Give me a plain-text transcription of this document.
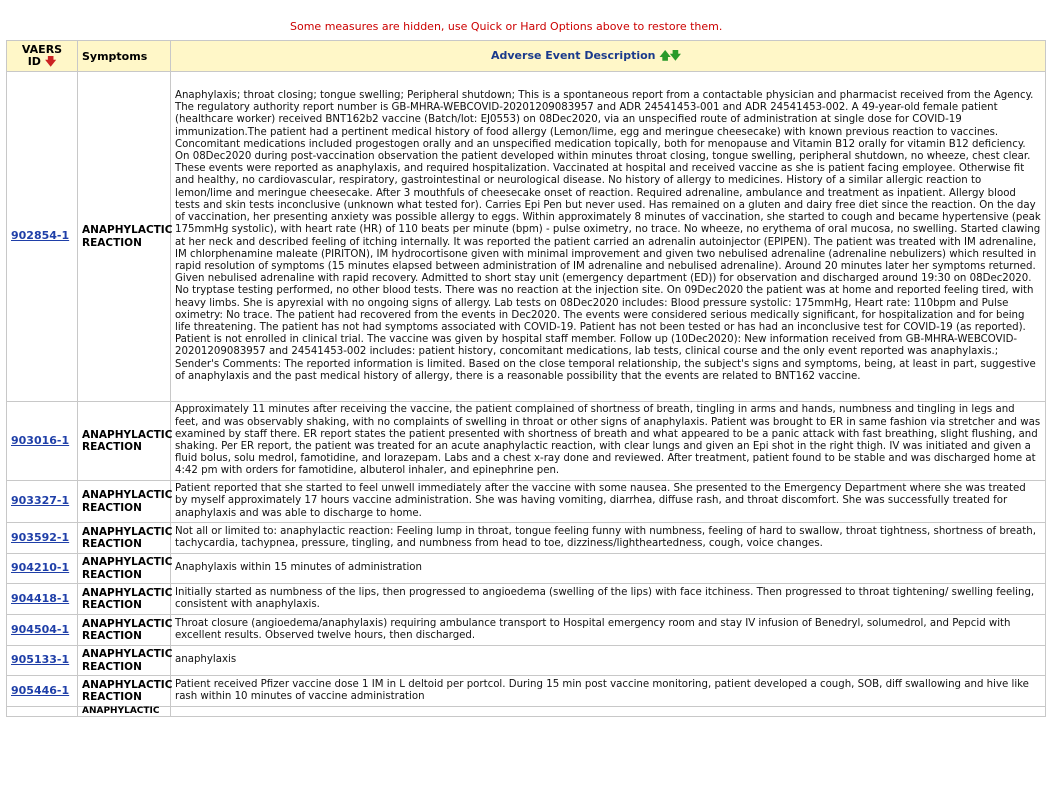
Some measures are hidden, use Quick or Hard Options above to restore them.
VAERS ID 🡇	Symptoms	Adverse Event Description 🡅🡇
902854-1	ANAPHYLACTIC REACTION	Anaphylaxis; throat closing; tongue swelling; Peripheral shutdown; This is a spontaneous report from a contactable physician and pharmacist received from the Agency. The regulatory authority report number is GB-MHRA-WEBCOVID-20201209083957 and ADR 24541453-001 and ADR 24541453-002. A 49-year-old female patient (healthcare worker) received BNT162b2 vaccine (Batch/lot: EJ0553) on 08Dec2020, via an unspecified route of administration at single dose for COVID-19 immunization.The patient had a pertinent medical history of food allergy (Lemon/lime, egg and meringue cheesecake) with known previous reaction to vaccines. Concomitant medications included progestogen orally and an unspecified medication topically, both for menopause and Vitamin B12 orally for vitamin B12 deficiency. On 08Dec2020 during post-vaccination observation the patient developed within minutes throat closing, tongue swelling, peripheral shutdown, no wheeze, chest clear. These events were reported as anaphylaxis, and required hospitalization. Vaccinated at hospital and received vaccine as she is patient facing employee. Otherwise fit and healthy, no cardiovascular, respiratory, gastrointestinal or neurological disease. No history of allergy to medicines. History of a similar allergic reaction to lemon/lime and meringue cheesecake. After 3 mouthfuls of cheesecake onset of reaction. Required adrenaline, ambulance and treatment as inpatient. Allergy blood tests and skin tests inconclusive (unknown what tested for). Carries Epi Pen but never used. Has remained on a gluten and dairy free diet since the reaction. On the day of vaccination, her presenting anxiety was possible allergy to eggs. Within approximately 8 minutes of vaccination, she started to cough and became hypertensive (peak 175mmHg systolic), with heart rate (HR) of 110 beats per minute (bpm) - pulse oximetry, no trace. No wheeze, no erythema of oral mucosa, no swelling. Started clawing at her neck and described feeling of itching internally. It was reported the patient carried an adrenalin autoinjector (EPIPEN). The patient was treated with IM adrenaline, IM chlorphenamine maleate (PIRITON), IM hydrocortisone given with minimal improvement and given two nebulised adrenaline (adrenaline nebulizers) which resulted in rapid resolution of symptoms (15 minutes elapsed between administration of IM adrenaline and nebulised adrenaline). Around 20 minutes later her symptoms returned. Given nebulised adrenaline with rapid recovery. Admitted to short stay unit (emergency department (ED)) for observation and discharged around 19:30 on 08Dec2020. No tryptase testing performed, no other blood tests. There was no reaction at the injection site. On 09Dec2020 the patient was at home and reported feeling tired, with heavy limbs. She is apyrexial with no ongoing signs of allergy. Lab tests on 08Dec2020 includes: Blood pressure systolic: 175mmHg, Heart rate: 110bpm and Pulse oximetry: No trace. The patient had recovered from the events in Dec2020. The events were considered serious medically significant, for hospitalization and for being life threatening. The patient has not had symptoms associated with COVID-19. Patient has not been tested or has had an inconclusive test for COVID-19 (as reported). Patient is not enrolled in clinical trial. The vaccine was given by hospital staff member. Follow up (10Dec2020): New information received from GB-MHRA-WEBCOVID-20201209083957 and 24541453-002 includes: patient history, concomitant medications, lab tests, clinical course and the only event reported was anaphylaxis.; Sender's Comments: The reported information is limited. Based on the close temporal relationship, the subject's signs and symptoms, being, at least in part, suggestive of anaphylaxis and the past medical history of allergy, there is a reasonable possibility that the events are related to BNT162 vaccine.
903016-1	ANAPHYLACTIC REACTION	Approximately 11 minutes after receiving the vaccine, the patient complained of shortness of breath, tingling in arms and hands, numbness and tingling in legs and feet, and was observably shaking, with no complaints of swelling in throat or other signs of anaphylaxis. Patient was brought to ER in same fashion via stretcher and was examined by staff there. ER report states the patient presented with shortness of breath and what appeared to be a panic attack with fast breathing, slight flushing, and shaking. Per ER report, the patient was treated for an acute anaphylactic reaction, with clear lungs and given an Epi shot in the right thigh. IV was initiated and given a fluid bolus, solu medrol, famotidine, and lorazepam. Labs and a chest x-ray done and reviewed. After treatment, patient found to be stable and was discharged home at 4:42 pm with orders for famotidine, albuterol inhaler, and epinephrine pen.
903327-1	ANAPHYLACTIC REACTION	Patient reported that she started to feel unwell immediately after the vaccine with some nausea. She presented to the Emergency Department where she was treated by myself approximately 17 hours vaccine administration. She was having vomiting, diarrhea, diffuse rash, and throat discomfort. She was successfully treated for anaphylaxis and was able to discharge to home.
903592-1	ANAPHYLACTIC REACTION	Not all or limited to: anaphylactic reaction: Feeling lump in throat, tongue feeling funny with numbness, feeling of hard to swallow, throat tightness, shortness of breath, tachycardia, tachypnea, pressure, tingling, and numbness from head to toe, dizziness/lightheartedness, cough, voice changes.
904210-1	ANAPHYLACTIC REACTION	Anaphylaxis within 15 minutes of administration
904418-1	ANAPHYLACTIC REACTION	Initially started as numbness of the lips, then progressed to angioedema (swelling of the lips) with face itchiness. Then progressed to throat tightening/ swelling feeling, consistent with anaphylaxis.
904504-1	ANAPHYLACTIC REACTION	Throat closure (angioedema/anaphylaxis) requiring ambulance transport to Hospital emergency room and stay IV infusion of Benedryl, solumedrol, and Pepcid with excellent results. Observed twelve hours, then discharged.
905133-1	ANAPHYLACTIC REACTION	anaphylaxis
905446-1	ANAPHYLACTIC REACTION	Patient received Pfizer vaccine dose 1 IM in L deltoid per portcol. During 15 min post vaccine monitoring, patient developed a cough, SOB, diff swallowing and hive like rash within 10 minutes of vaccine administration
	ANAPHYLACTIC	
